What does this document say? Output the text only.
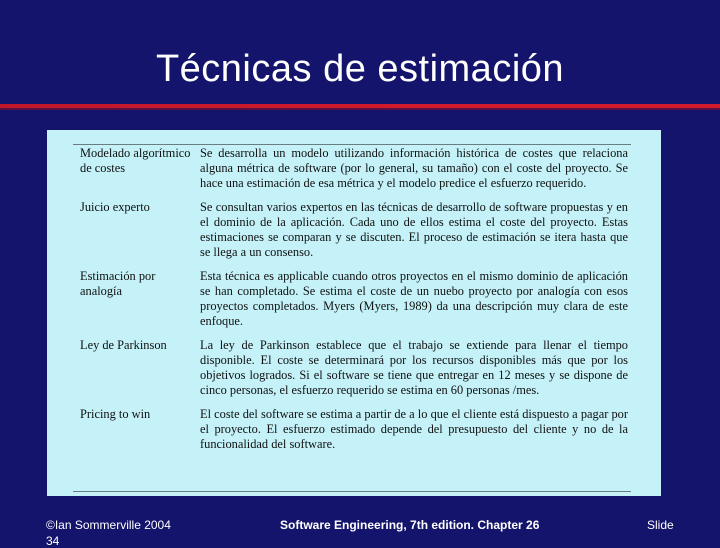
Técnicas de estimación
Modelado algorítmico de costes	Se desarrolla un modelo utilizando información histórica de costes que relaciona alguna métrica de software (por lo general, su tamaño) con el coste del proyecto. Se hace una estimación de esa métrica y el modelo predice el esfuerzo requerido.
Juicio experto	Se consultan varios expertos en las técnicas de desarrollo de software propuestas y en el dominio de la aplicación. Cada uno de ellos estima el coste del proyecto. Estas estimaciones se comparan y se discuten. El proceso de estimación se itera hasta que se llega a un consenso.
Estimación por analogía	Esta técnica es applicable cuando otros proyectos en el mismo dominio de aplicación se han completado. Se estima el coste de un nuebo proyecto por analogía con esos proyectos completados. Myers (Myers, 1989) da una descripción muy clara de este enfoque.
Ley de Parkinson	La ley de Parkinson establece que el trabajo se extiende para llenar el tiempo disponible. El coste se determinará por los recursos disponibles más que por los objetivos logrados. Si el software se tiene que entregar en 12 meses y se dispone de cinco personas, el esfuerzo requerido se estima en 60 personas /mes.
Pricing to win	El coste del software se estima a partir de a lo que el cliente está dispuesto a pagar por el proyecto. El esfuerzo estimado depende del presupuesto del cliente y no de la funcionalidad del software.
©Ian Sommerville 2004	Software Engineering, 7th edition. Chapter 26	Slide
34
